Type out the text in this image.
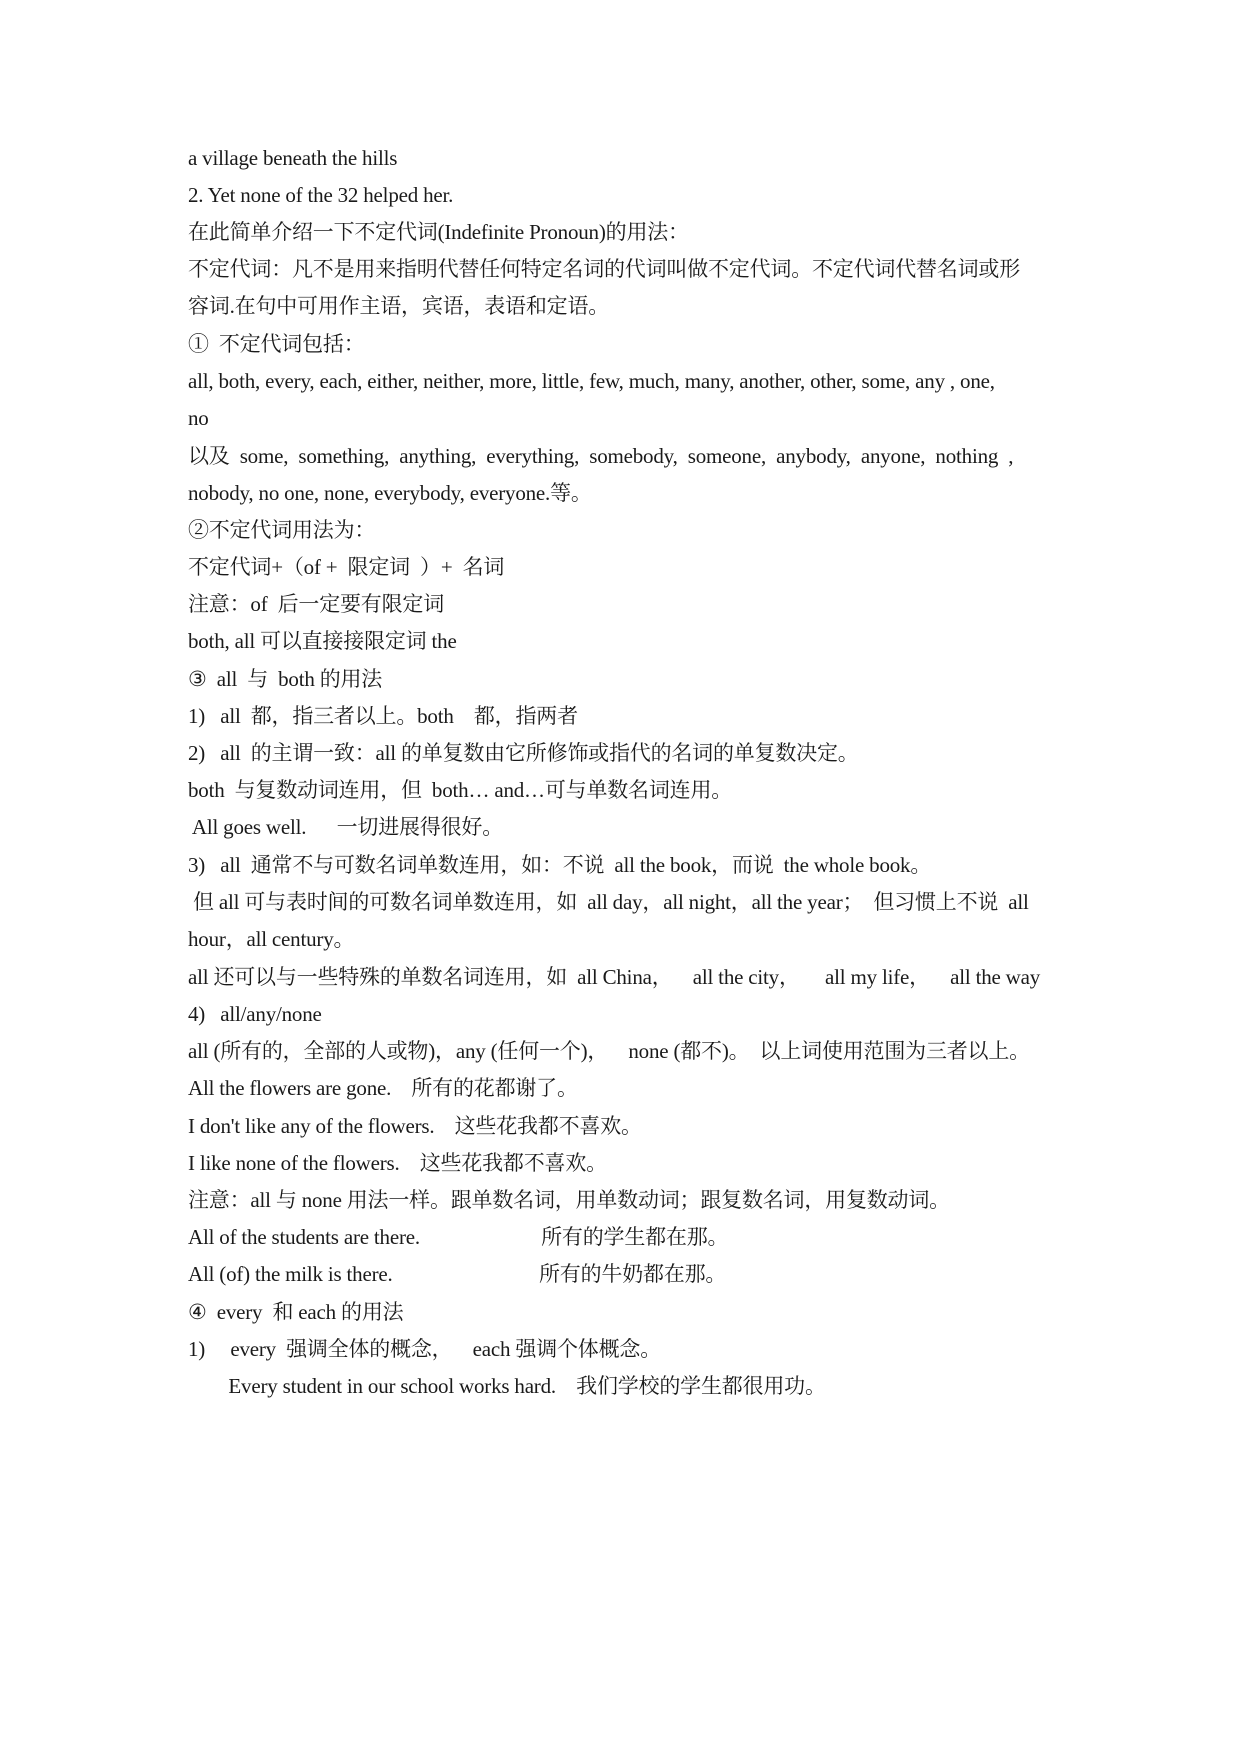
a village beneath the hills
2. Yet none of the 32 helped her.
在此简单介绍一下不定代词(Indefinite Pronoun)的用法：
不定代词：凡不是用来指明代替任何特定名词的代词叫做不定代词。不定代词代替名词或形
容词.在句中可用作主语，宾语，表语和定语。
①  不定代词包括：
all, both, every, each, either, neither, more, little, few, much, many, another, other, some, any , one,
no
以及  some,  something,  anything,  everything,  somebody,  someone,  anybody,  anyone,  nothing  ,
nobody, no one, none, everybody, everyone.等。
②不定代词用法为：
不定代词+（of +  限定词  ）+  名词
注意：of  后一定要有限定词
both, all 可以直接接限定词 the
③  all  与  both 的用法
1)   all  都，指三者以上。both    都，指两者
2)   all  的主谓一致：all 的单复数由它所修饰或指代的名词的单复数决定。
both  与复数动词连用，但  both… and…可与单数名词连用。
All goes well.      一切进展得很好。
3)   all  通常不与可数名词单数连用，如：不说  all the book，而说  the whole book。
但 all 可与表时间的可数名词单数连用，如  all day，all night，all the year；  但习惯上不说  all
hour，all century。
all 还可以与一些特殊的单数名词连用，如  all China，    all the city，     all my life，    all the way
4)   all/any/none
all (所有的，全部的人或物)，any (任何一个)，    none (都不)。  以上词使用范围为三者以上。
All the flowers are gone.    所有的花都谢了。
I don't like any of the flowers.    这些花我都不喜欢。
I like none of the flowers.    这些花我都不喜欢。
注意：all 与 none 用法一样。跟单数名词，用单数动词；跟复数名词，用复数动词。
All of the students are there.                        所有的学生都在那。
All (of) the milk is there.                             所有的牛奶都在那。
④  every  和 each 的用法
1)     every  强调全体的概念，    each 强调个体概念。
Every student in our school works hard.    我们学校的学生都很用功。
